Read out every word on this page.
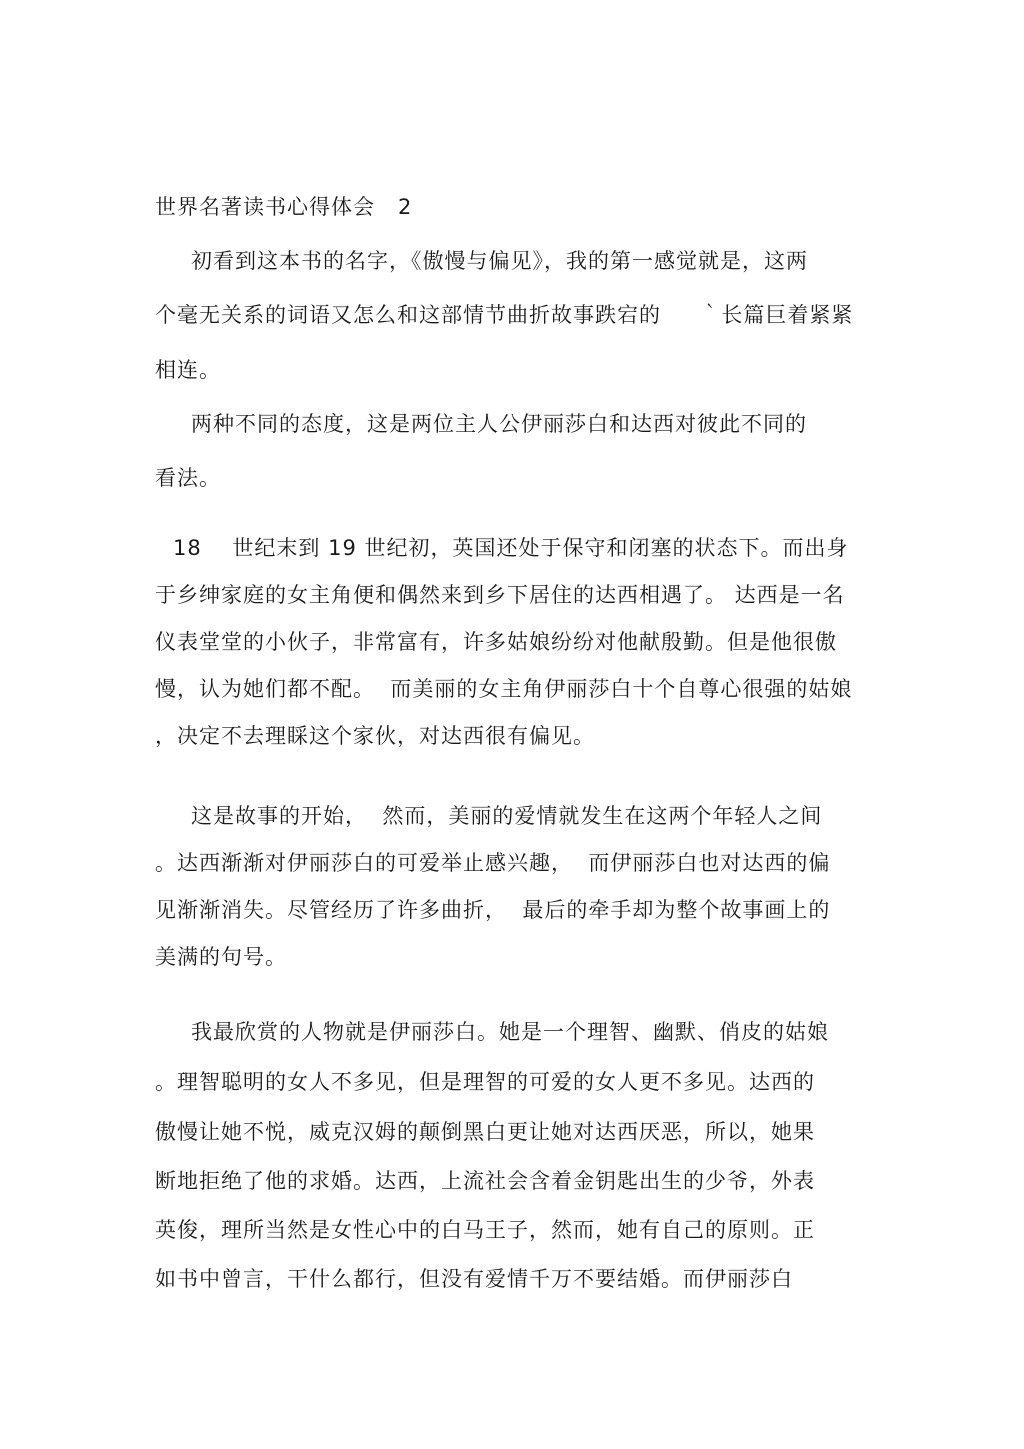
世界名著读书心得体会   2
初看到这本书的名字，《傲慢与偏见》，我的第一感觉就是，这两
个毫无关系的词语又怎么和这部情节曲折故事跌宕的     ｀长篇巨着紧紧
相连。
两种不同的态度，这是两位主人公伊丽莎白和达西对彼此不同的
看法。
18    世纪末到 19 世纪初，英国还处于保守和闭塞的状态下。而出身
于乡绅家庭的女主角便和偶然来到乡下居住的达西相遇了。 达西是一名
仪表堂堂的小伙子，非常富有，许多姑娘纷纷对他献殷勤。但是他很傲
慢，认为她们都不配。  而美丽的女主角伊丽莎白十个自尊心很强的姑娘
，决定不去理睬这个家伙，对达西很有偏见。
这是故事的开始，  然而，美丽的爱情就发生在这两个年轻人之间
。达西渐渐对伊丽莎白的可爱举止感兴趣，  而伊丽莎白也对达西的偏
见渐渐消失。尽管经历了许多曲折，  最后的牵手却为整个故事画上的
美满的句号。
我最欣赏的人物就是伊丽莎白。她是一个理智、幽默、俏皮的姑娘
。理智聪明的女人不多见，但是理智的可爱的女人更不多见。达西的
傲慢让她不悦，威克汉姆的颠倒黑白更让她对达西厌恶，所以，她果
断地拒绝了他的求婚。达西，上流社会含着金钥匙出生的少爷，外表
英俊，理所当然是女性心中的白马王子，然而，她有自己的原则。正
如书中曾言，干什么都行，但没有爱情千万不要结婚。而伊丽莎白
